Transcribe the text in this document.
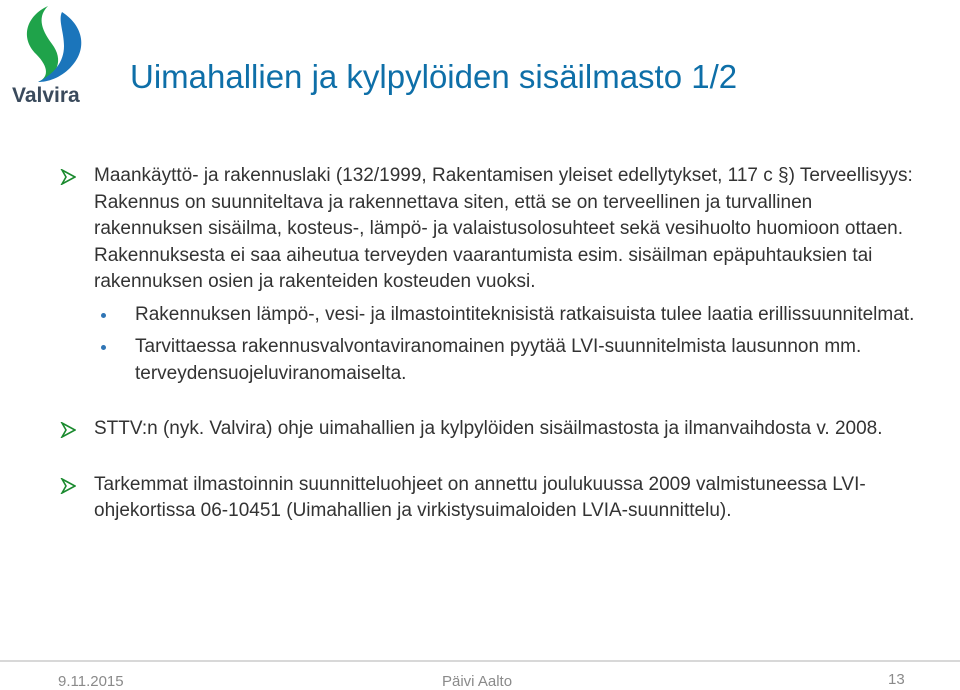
Valvira
Uimahallien ja kylpylöiden sisäilmasto 1/2
Maankäyttö- ja rakennuslaki (132/1999, Rakentamisen yleiset edellytykset, 117 c §) Terveellisyys: Rakennus on suunniteltava ja rakennettava siten, että se on terveellinen ja turvallinen rakennuksen sisäilma, kosteus-, lämpö- ja valaistusolosuhteet sekä vesihuolto huomioon ottaen. Rakennuksesta ei saa aiheutua terveyden vaarantumista esim. sisäilman epäpuhtauksien tai rakennuksen osien ja rakenteiden kosteuden vuoksi.
Rakennuksen lämpö-, vesi- ja ilmastointiteknisistä ratkaisuista tulee laatia erillissuunnitelmat.
Tarvittaessa rakennusvalvontaviranomainen pyytää LVI-suunnitelmista lausunnon mm. terveydensuojeluviranomaiselta.
STTV:n (nyk. Valvira) ohje uimahallien ja kylpylöiden sisäilmastosta ja ilmanvaihdosta v. 2008.
Tarkemmat ilmastoinnin suunnitteluohjeet on annettu joulukuussa 2009 valmistuneessa LVI-ohjekortissa 06-10451 (Uimahallien ja virkistysuimaloiden LVIA-suunnittelu).
9.11.2015	Päivi Aalto	13
